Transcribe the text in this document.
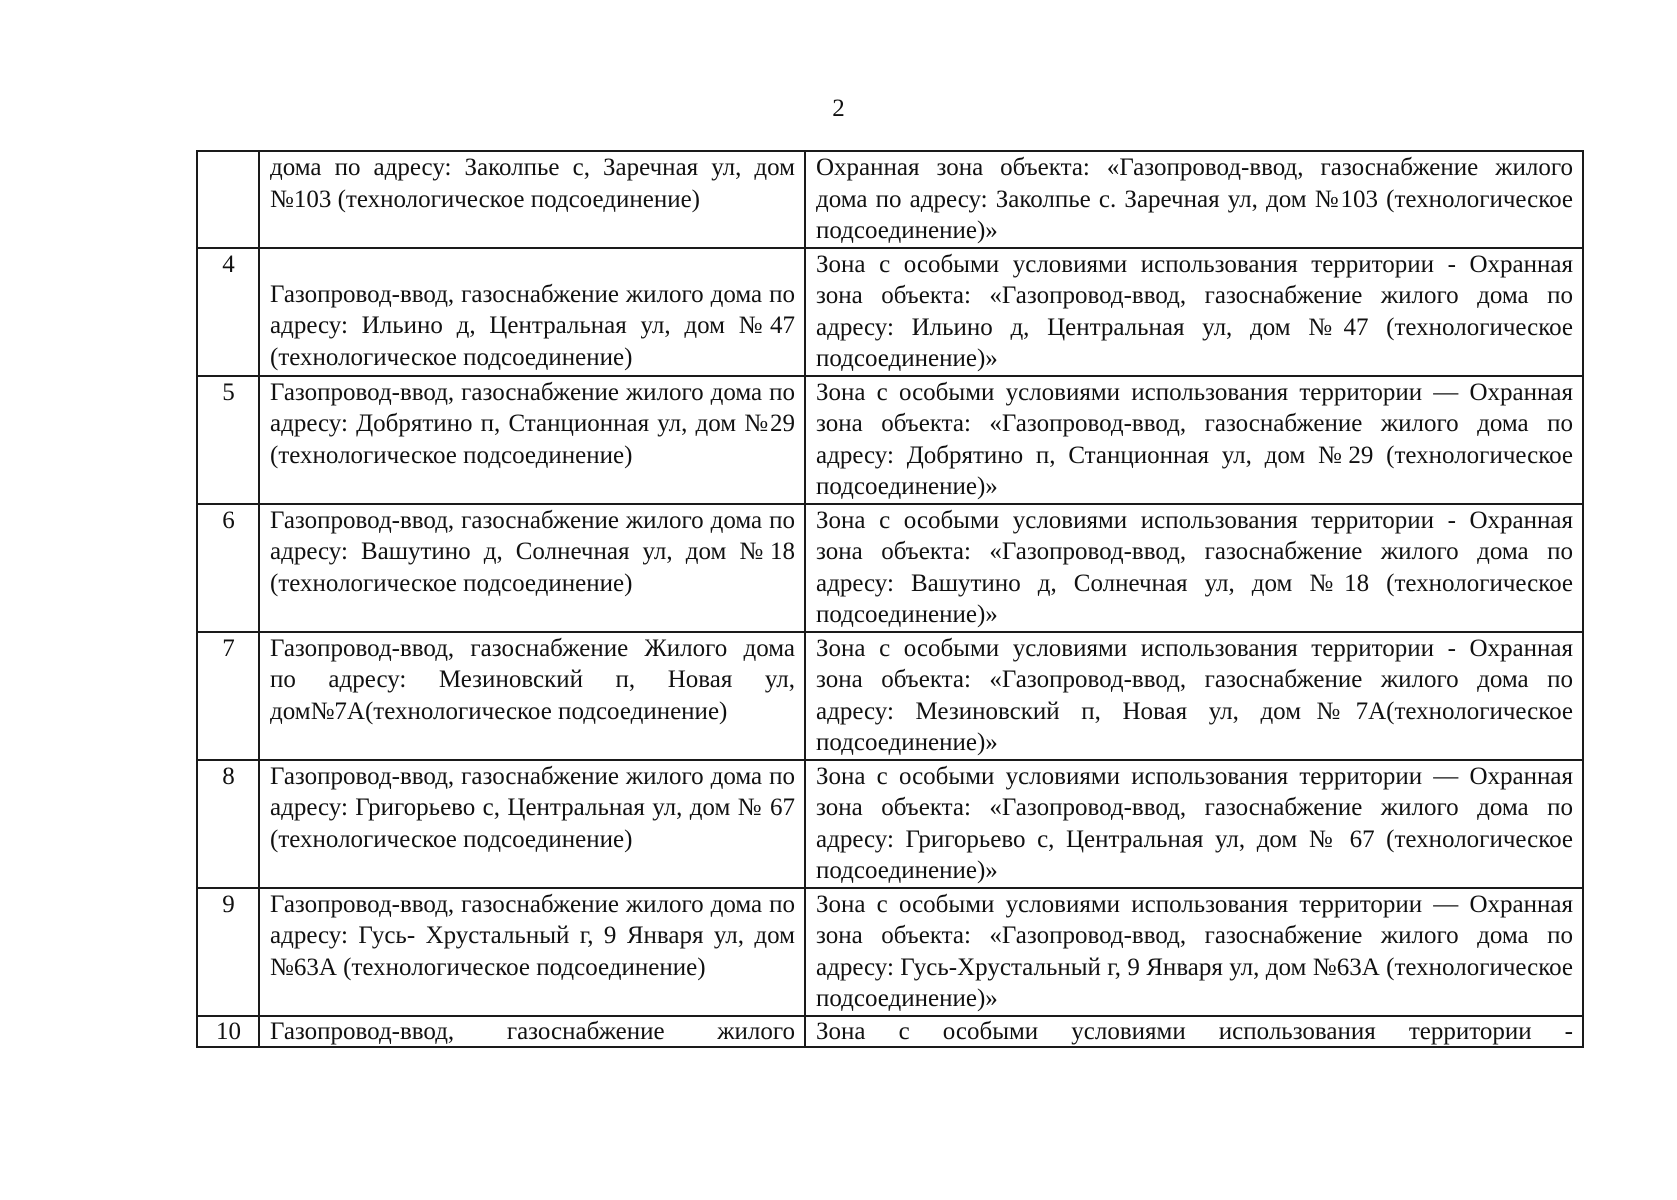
2
	дома по адресу: Заколпье с, Заречная ул, дом №103 (технологическое подсоединение)	Охранная зона объекта: «Газопровод-ввод, газоснабжение жилого дома по адресу: Заколпье с. Заречная ул, дом №103 (технологическое подсоединение)»
4	Газопровод-ввод, газоснабжение жилого дома по адресу: Ильино д, Центральная ул, дом №47 (технологическое подсоединение)	Зона с особыми условиями использования территории - Охранная зона объекта: «Газопровод-ввод, газоснабжение жилого дома по адресу: Ильино д, Центральная ул, дом №47 (технологическое подсоединение)»
5	Газопровод-ввод, газоснабжение жилого дома по адресу: Добрятино п, Станционная ул, дом №29 (технологическое подсоединение)	Зона с особыми условиями использования территории — Охранная зона объекта: «Газопровод-ввод, газоснабжение жилого дома по адресу: Добрятино п, Станционная ул, дом №29 (технологическое подсоединение)»
6	Газопровод-ввод, газоснабжение жилого дома по адресу: Вашутино д, Солнечная ул, дом №18 (технологическое подсоединение)	Зона с особыми условиями использования территории - Охранная зона объекта: «Газопровод-ввод, газоснабжение жилого дома по адресу: Вашутино д, Солнечная ул, дом №18 (технологическое подсоединение)»
7	Газопровод-ввод, газоснабжение Жилого дома по адресу: Мезиновский п, Новая ул, дом№7А(технологическое подсоединение)	Зона с особыми условиями использования территории - Охранная зона объекта: «Газопровод-ввод, газоснабжение жилого дома по адресу: Мезиновский п, Новая ул, дом№7А(технологическое подсоединение)»
8	Газопровод-ввод, газоснабжение жилого дома по адресу: Григорьево с, Центральная ул, дом № 67 (технологическое подсоединение)	Зона с особыми условиями использования территории — Охранная зона объекта: «Газопровод-ввод, газоснабжение жилого дома по адресу: Григорьево с, Центральная ул, дом № 67 (технологическое подсоединение)»
9	Газопровод-ввод, газоснабжение жилого дома по адресу: Гусь- Хрустальный г, 9 Января ул, дом №63А (технологическое подсоединение)	Зона с особыми условиями использования территории — Охранная зона объекта: «Газопровод-ввод, газоснабжение жилого дома по адресу: Гусь-Хрустальный г, 9 Января ул, дом №63А (технологическое подсоединение)»
10	Газопровод-ввод, газоснабжение жилого	Зона с особыми условиями использования территории -
